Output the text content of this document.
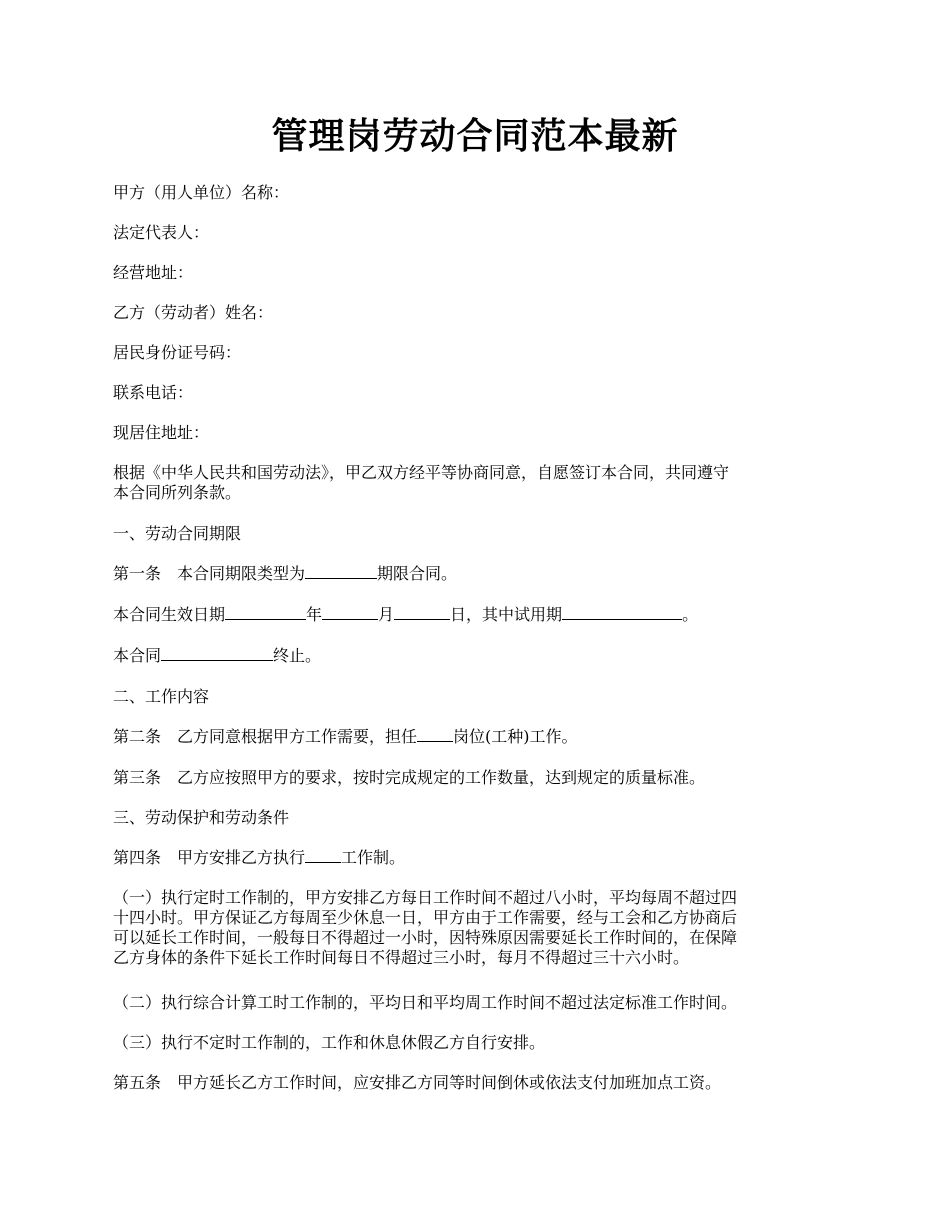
管理岗劳动合同范本最新
甲方（用人单位）名称：
法定代表人：
经营地址：
乙方（劳动者）姓名：
居民身份证号码：
联系电话：
现居住地址：
根据《中华人民共和国劳动法》，甲乙双方经平等协商同意，自愿签订本合同，共同遵守
本合同所列条款。
一、劳动合同期限
第一条　本合同期限类型为	期限合同。
本合同生效日期	年	月	日，其中试用期	。
本合同	终止。
二、工作内容
第二条　乙方同意根据甲方工作需要，担任 岗位(工种)工作。
第三条　乙方应按照甲方的要求，按时完成规定的工作数量，达到规定的质量标准。
三、劳动保护和劳动条件
第四条　甲方安排乙方执行 工作制。
（一）执行定时工作制的，甲方安排乙方每日工作时间不超过八小时，平均每周不超过四
十四小时。甲方保证乙方每周至少休息一日，甲方由于工作需要，经与工会和乙方协商后
可以延长工作时间，一般每日不得超过一小时，因特殊原因需要延长工作时间的，在保障
乙方身体的条件下延长工作时间每日不得超过三小时，每月不得超过三十六小时。
（二）执行综合计算工时工作制的，平均日和平均周工作时间不超过法定标准工作时间。
（三）执行不定时工作制的，工作和休息休假乙方自行安排。
第五条　甲方延长乙方工作时间，应安排乙方同等时间倒休或依法支付加班加点工资。
